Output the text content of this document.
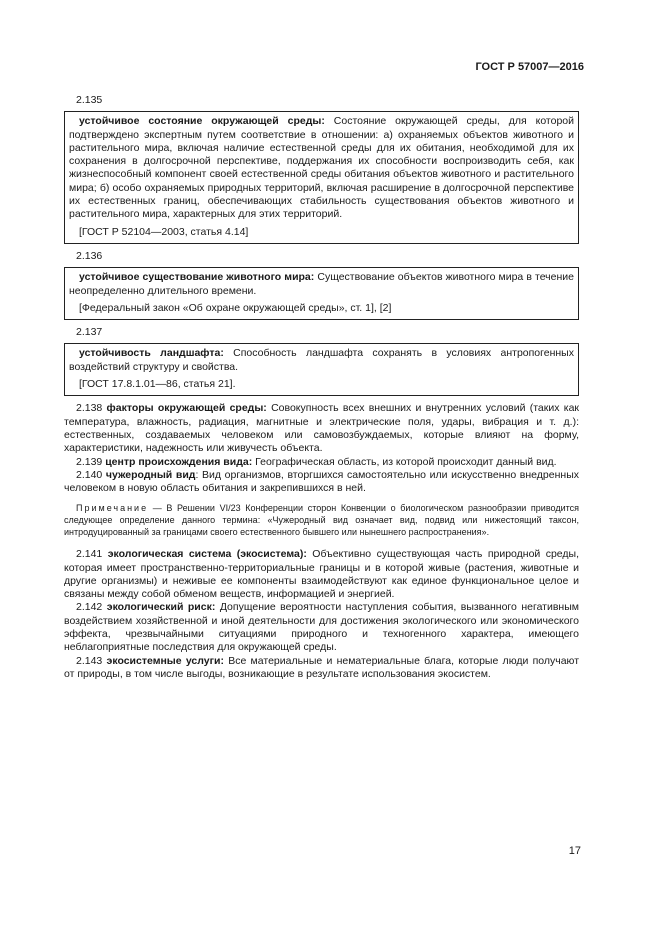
ГОСТ Р 57007—2016
2.135

устойчивое состояние окружающей среды: Состояние окружающей среды, для которой подтверждено экспертным путем соответствие в отношении: а) охраняемых объектов животного и растительного мира, включая наличие естественной среды для их обитания, необходимой для их сохранения в долгосрочной перспективе, поддержания их способности воспроизводить себя, как жизнеспособный компонент своей естественной среды обитания объектов животного и растительного мира; б) особо охраняемых природных территорий, включая расширение в долгосрочной перспективе их естественных границ, обеспечивающих стабильность существования объектов животного и растительного мира, характерных для этих территорий.

[ГОСТ Р 52104—2003, статья 4.14]
2.136

устойчивое существование животного мира: Существование объектов животного мира в течение неопределенно длительного времени.

[Федеральный закон «Об охране окружающей среды», ст. 1], [2]
2.137

устойчивость ландшафта: Способность ландшафта сохранять в условиях антропогенных воздействий структуру и свойства.

[ГОСТ 17.8.1.01—86, статья 21].

2.138 факторы окружающей среды: Совокупность всех внешних и внутренних условий (таких как температура, влажность, радиация, магнитные и электрические поля, удары, вибрация и т. д.): естественных, создаваемых человеком или самовозбуждаемых, которые влияют на форму, характеристики, надежность или живучесть объекта.

2.139 центр происхождения вида: Географическая область, из которой происходит данный вид.

2.140 чужеродный вид: Вид организмов, вторгшихся самостоятельно или искусственно внедренных человеком в новую область обитания и закрепившихся в ней.

Примечание — В Решении VI/23 Конференции сторон Конвенции о биологическом разнообразии приводится следующее определение данного термина: «Чужеродный вид означает вид, подвид или нижестоящий таксон, интродуцированный за границами своего естественного бывшего или нынешнего распространения».

2.141 экологическая система (экосистема): Объективно существующая часть природной среды, которая имеет пространственно-территориальные границы и в которой живые (растения, животные и другие организмы) и неживые ее компоненты взаимодействуют как единое функциональное целое и связаны между собой обменом веществ, информацией и энергией.

2.142 экологический риск: Допущение вероятности наступления события, вызванного негативным воздействием хозяйственной и иной деятельности для достижения экологического или экономического эффекта, чрезвычайными ситуациями природного и техногенного характера, имеющего неблагоприятные последствия для окружающей среды.

2.143 экосистемные услуги: Все материальные и нематериальные блага, которые люди получают от природы, в том числе выгоды, возникающие в результате использования экосистем.

17
